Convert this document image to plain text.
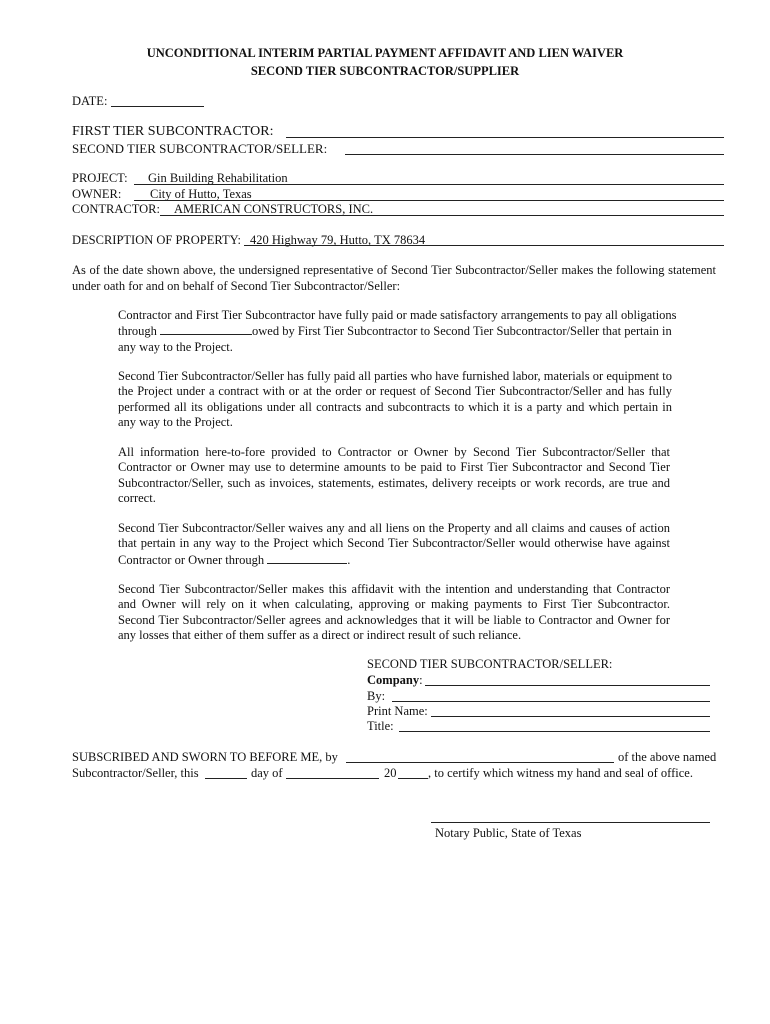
UNCONDITIONAL INTERIM PARTIAL PAYMENT AFFIDAVIT AND LIEN WAIVER
SECOND TIER SUBCONTRACTOR/SUPPLIER
DATE:
FIRST TIER SUBCONTRACTOR:
SECOND TIER SUBCONTRACTOR/SELLER:
PROJECT: Gin Building Rehabilitation
OWNER: City of Hutto, Texas
CONTRACTOR: AMERICAN CONSTRUCTORS, INC.
DESCRIPTION OF PROPERTY: 420 Highway 79, Hutto, TX 78634
As of the date shown above, the undersigned representative of Second Tier Subcontractor/Seller makes the following statement under oath for and on behalf of Second Tier Subcontractor/Seller:
Contractor and First Tier Subcontractor have fully paid or made satisfactory arrangements to pay all obligations
through	owed by First Tier Subcontractor to Second Tier Subcontractor/Seller that pertain in
any way to the Project.
Second Tier Subcontractor/Seller has fully paid all parties who have furnished labor, materials or equipment to the Project under a contract with or at the order or request of Second Tier Subcontractor/Seller and has fully performed all its obligations under all contracts and subcontracts to which it is a party and which pertain in any way to the Project.
All information here-to-fore provided to Contractor or Owner by Second Tier Subcontractor/Seller that Contractor or Owner may use to determine amounts to be paid to First Tier Subcontractor and Second Tier Subcontractor/Seller, such as invoices, statements, estimates, delivery receipts or work records, are true and correct.
Second Tier Subcontractor/Seller waives any and all liens on the Property and all claims and causes of action that pertain in any way to the Project which Second Tier Subcontractor/Seller would otherwise have against Contractor or Owner through	.
Second Tier Subcontractor/Seller makes this affidavit with the intention and understanding that Contractor and Owner will rely on it when calculating, approving or making payments to First Tier Subcontractor. Second Tier Subcontractor/Seller agrees and acknowledges that it will be liable to Contractor and Owner for any losses that either of them suffer as a direct or indirect result of such reliance.
SECOND TIER SUBCONTRACTOR/SELLER:
Company:
By:
Print Name:
Title:
SUBSCRIBED AND SWORN TO BEFORE ME, by	of the above named
Subcontractor/Seller, this	day of	20	, to certify which witness my hand and seal of office.
Notary Public, State of Texas
